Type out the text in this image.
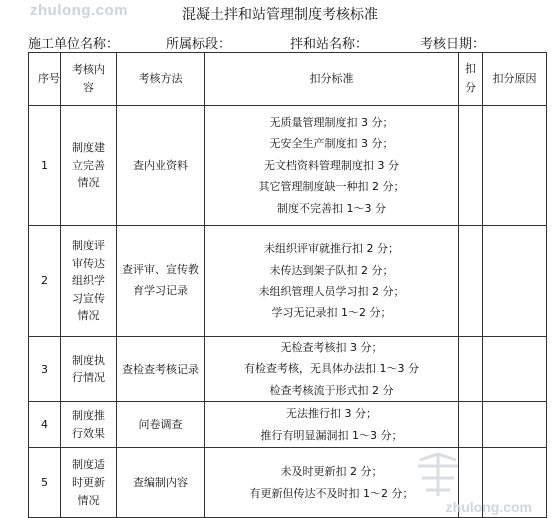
zhulong.com	混凝土拌和站管理制度考核标准
施工单位名称：	所属标段：	拌和站名称：	考核日期：
序号	考核内容	考核方法	扣分标准	扣分	扣分原因
1	制度建立完善情况	查内业资料	无质量管理制度扣 3 分；
无安全生产制度扣 3 分；
无文档资料管理制度扣 3 分
其它管理制度缺一种扣 2 分；
制度不完善扣 1～3 分		

2	制度评审传达组织学习宣传情况	查评审、宣传教育学习记录	未组织评审就推行扣 2 分；
未传达到架子队扣 2 分；
未组织管理人员学习扣 2 分；
学习无记录扣 1～2 分；		

3	制度执行情况	查检查考核记录	无检查考核扣 3 分；
有检查考核，无具体办法扣 1～3 分
检查考核流于形式扣 2 分		

4	制度推行效果	问卷调查	无法推行扣 3 分；
推行有明显漏洞扣 1～3 分；		

5	制度适时更新情况	查编制内容	未及时更新扣 2 分；
有更新但传达不及时扣 1～2 分；		

zhulong.com
